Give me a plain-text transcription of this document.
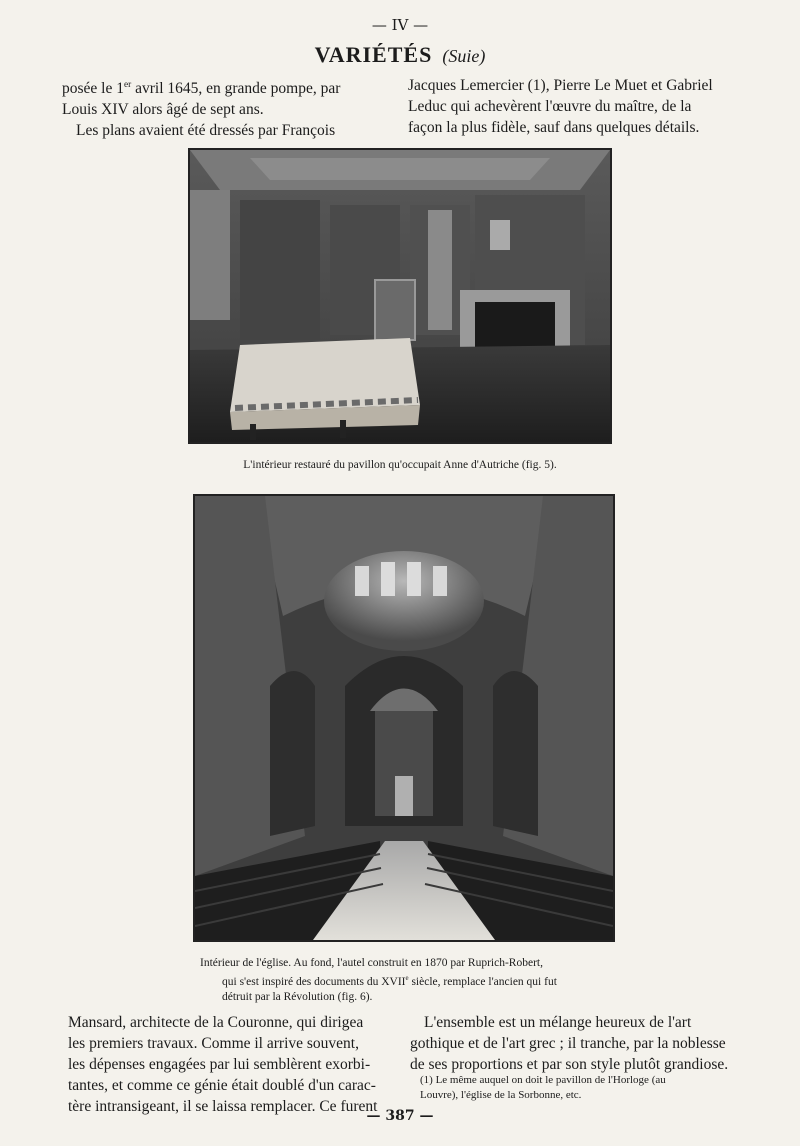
— IV —
VARIÉTÉS (Suie)

posée le 1er avril 1645, en grande pompe, par

Louis XIV alors âgé de sept ans.

Les plans avaient été dressés par François

Jacques Lemercier (1), Pierre Le Muet et Gabriel

Leduc qui achevèrent l'œuvre du maître, de la

façon la plus fidèle, sauf dans quelques détails.

L'intérieur restauré du pavillon qu'occupait Anne d'Autriche (fig. 5).

Intérieur de l'église. Au fond, l'autel construit en 1870 par Ruprich-Robert,

qui s'est inspiré des documents du XVIIe siècle, remplace l'ancien qui fut

détruit par la Révolution (fig. 6).

Mansard, architecte de la Couronne, qui dirigea

les premiers travaux. Comme il arrive souvent,

les dépenses engagées par lui semblèrent exorbi-

tantes, et comme ce génie était doublé d'un carac-

tère intransigeant, il se laissa remplacer. Ce furent

L'ensemble est un mélange heureux de l'art

gothique et de l'art grec ; il tranche, par la noblesse

de ses proportions et par son style plutôt grandiose.

(1) Le même auquel on doit le pavillon de l'Horloge (au
Louvre), l'église de la Sorbonne, etc.
— 387 —
